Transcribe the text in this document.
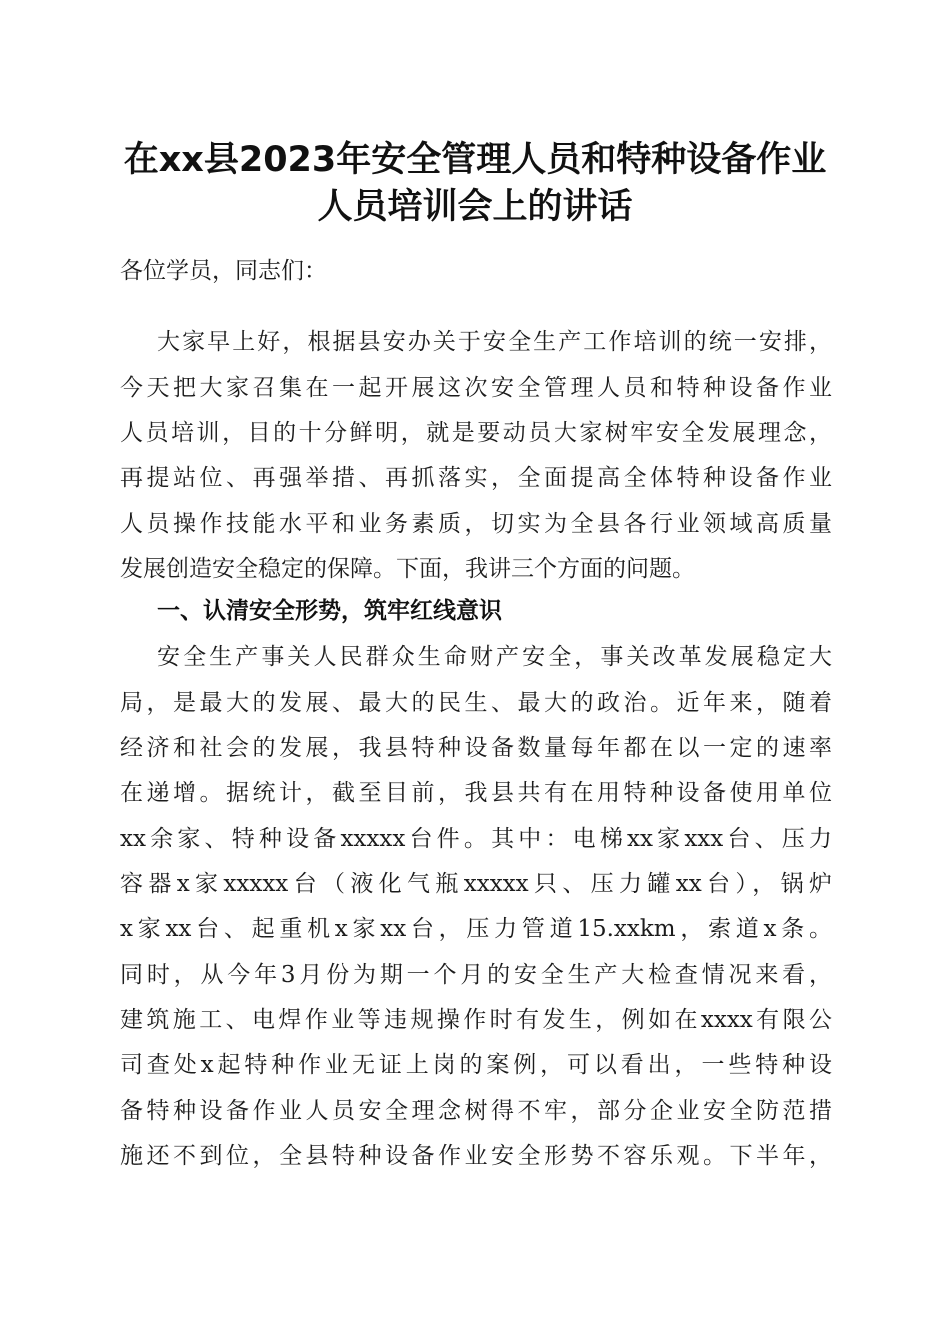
在xx县2023年安全管理人员和特种设备作业
人员培训会上的讲话
各位学员，同志们：
大家早上好，根据县安办关于安全生产工作培训的统一安排，
今天把大家召集在一起开展这次安全管理人员和特种设备作业
人员培训，目的十分鲜明，就是要动员大家树牢安全发展理念，
再提站位、再强举措、再抓落实，全面提高全体特种设备作业
人员操作技能水平和业务素质，切实为全县各行业领域高质量
发展创造安全稳定的保障。下面，我讲三个方面的问题。
一、认清安全形势，筑牢红线意识
安全生产事关人民群众生命财产安全，事关改革发展稳定大
局，是最大的发展、最大的民生、最大的政治。近年来，随着
经济和社会的发展，我县特种设备数量每年都在以一定的速率
在递增。据统计，截至目前，我县共有在用特种设备使用单位
xx余家、特种设备xxxxx台件。其中：电梯xx家xxx台、压力
容器x家xxxxx台（液化气瓶xxxxx只、压力罐xx台），锅炉
x家xx台、起重机x家xx台，压力管道15.xxkm，索道x条。
同时，从今年3月份为期一个月的安全生产大检查情况来看，
建筑施工、电焊作业等违规操作时有发生，例如在xxxx有限公
司查处x起特种作业无证上岗的案例，可以看出，一些特种设
备特种设备作业人员安全理念树得不牢，部分企业安全防范措
施还不到位，全县特种设备作业安全形势不容乐观。下半年，
